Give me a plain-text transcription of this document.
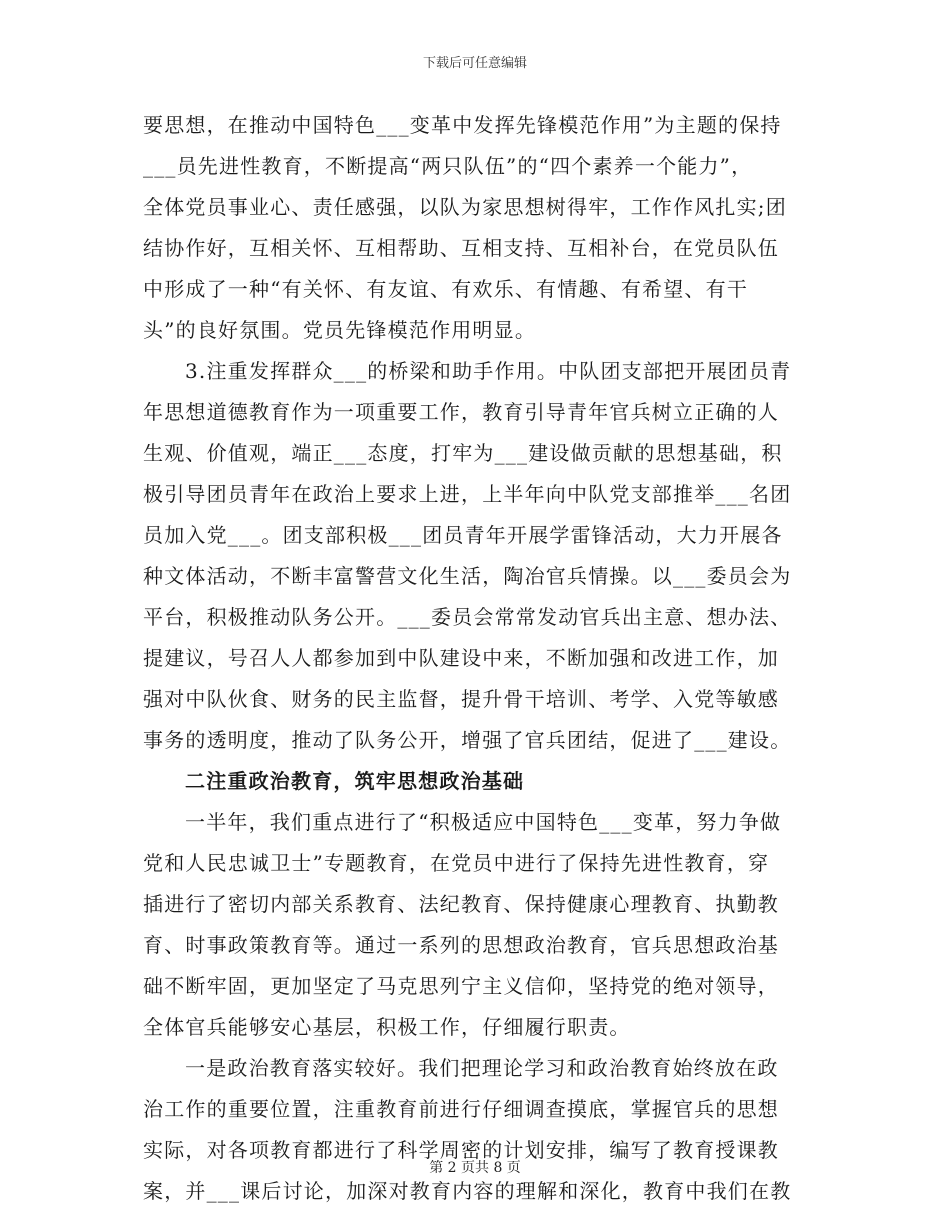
下载后可任意编辑
要思想，在推动中国特色___变革中发挥先锋模范作用”为主题的保持
___员先进性教育，不断提高“两只队伍”的“四个素养一个能力”，
全体党员事业心、责任感强，以队为家思想树得牢，工作作风扎实;团
结协作好，互相关怀、互相帮助、互相支持、互相补台，在党员队伍
中形成了一种“有关怀、有友谊、有欢乐、有情趣、有希望、有干
头”的良好氛围。党员先锋模范作用明显。
3.注重发挥群众___的桥梁和助手作用。中队团支部把开展团员青
年思想道德教育作为一项重要工作，教育引导青年官兵树立正确的人
生观、价值观，端正___态度，打牢为___建设做贡献的思想基础，积
极引导团员青年在政治上要求上进，上半年向中队党支部推举___名团
员加入党___。团支部积极___团员青年开展学雷锋活动，大力开展各
种文体活动，不断丰富警营文化生活，陶冶官兵情操。以___委员会为
平台，积极推动队务公开。___委员会常常发动官兵出主意、想办法、
提建议，号召人人都参加到中队建设中来，不断加强和改进工作，加
强对中队伙食、财务的民主监督，提升骨干培训、考学、入党等敏感
事务的透明度，推动了队务公开，增强了官兵团结，促进了___建设。
二注重政治教育，筑牢思想政治基础
一半年，我们重点进行了“积极适应中国特色___变革，努力争做
党和人民忠诚卫士”专题教育，在党员中进行了保持先进性教育，穿
插进行了密切内部关系教育、法纪教育、保持健康心理教育、执勤教
育、时事政策教育等。通过一系列的思想政治教育，官兵思想政治基
础不断牢固，更加坚定了马克思列宁主义信仰，坚持党的绝对领导，
全体官兵能够安心基层，积极工作，仔细履行职责。
一是政治教育落实较好。我们把理论学习和政治教育始终放在政
治工作的重要位置，注重教育前进行仔细调查摸底，掌握官兵的思想
实际，对各项教育都进行了科学周密的计划安排，编写了教育授课教
案，并___课后讨论，加深对教育内容的理解和深化，教育中我们在教
第 2 页共 8 页
